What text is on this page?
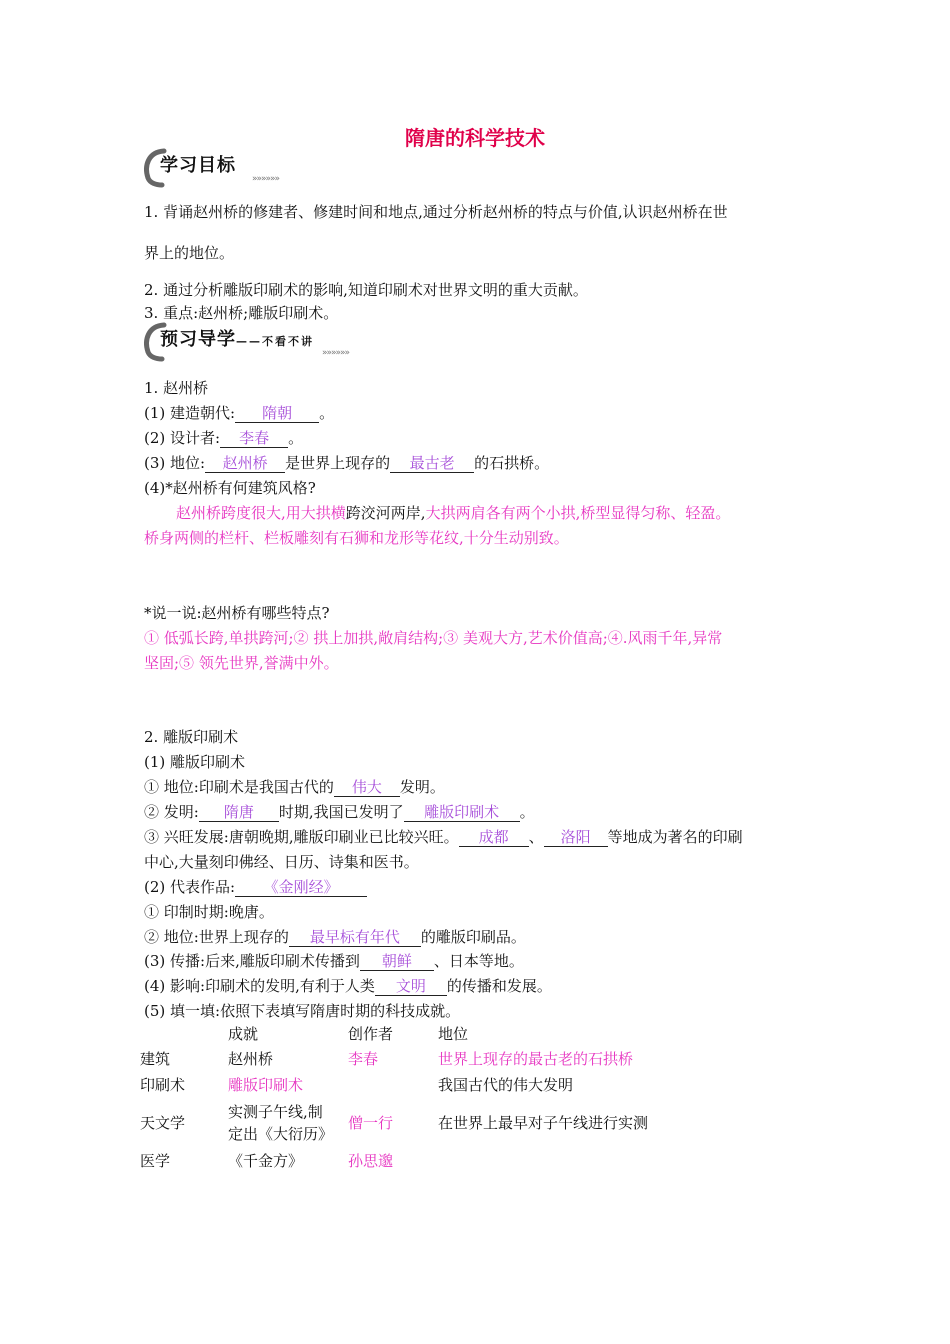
隋唐的科学技术
学习目标
»»»»»»
1. 背诵赵州桥的修建者、修建时间和地点,通过分析赵州桥的特点与价值,认识赵州桥在世
界上的地位。
2. 通过分析雕版印刷术的影响,知道印刷术对世界文明的重大贡献。
3. 重点:赵州桥;雕版印刷术。
预习导学——不看不讲
»»»»»»
1. 赵州桥
(1) 建造朝代: 隋朝 。
(2) 设计者: 李春 。
(3) 地位: 赵州桥 是世界上现存的 最古老 的石拱桥。
(4)*赵州桥有何建筑风格?
赵州桥跨度很大,用大拱横跨洨河两岸,大拱两肩各有两个小拱,桥型显得匀称、轻盈。
桥身两侧的栏杆、栏板雕刻有石狮和龙形等花纹,十分生动别致。
*说一说:赵州桥有哪些特点?
① 低弧长跨,单拱跨河;② 拱上加拱,敞肩结构;③ 美观大方,艺术价值高;④.风雨千年,异常
坚固;⑤ 领先世界,誉满中外。
2. 雕版印刷术
(1) 雕版印刷术
① 地位:印刷术是我国古代的 伟大 发明。
② 发明: 隋唐 时期,我国已发明了 雕版印刷术 。
③ 兴旺发展:唐朝晚期,雕版印刷业已比较兴旺。 成都 、 洛阳 等地成为著名的印刷
中心,大量刻印佛经、日历、诗集和医书。
(2) 代表作品: 《金刚经》
① 印制时期:晚唐。
② 地位:世界上现存的 最早标有年代 的雕版印刷品。
(3) 传播:后来,雕版印刷术传播到 朝鲜 、日本等地。
(4) 影响:印刷术的发明,有利于人类 文明 的传播和发展。
(5) 填一填:依照下表填写隋唐时期的科技成就。
	成就	创作者	地位
建筑	赵州桥	李春	世界上现存的最古老的石拱桥
印刷术	雕版印刷术		我国古代的伟大发明
天文学	实测子午线,制
定出《大衍历》	僧一行	在世界上最早对子午线进行实测
医学	《千金方》	孙思邈	
